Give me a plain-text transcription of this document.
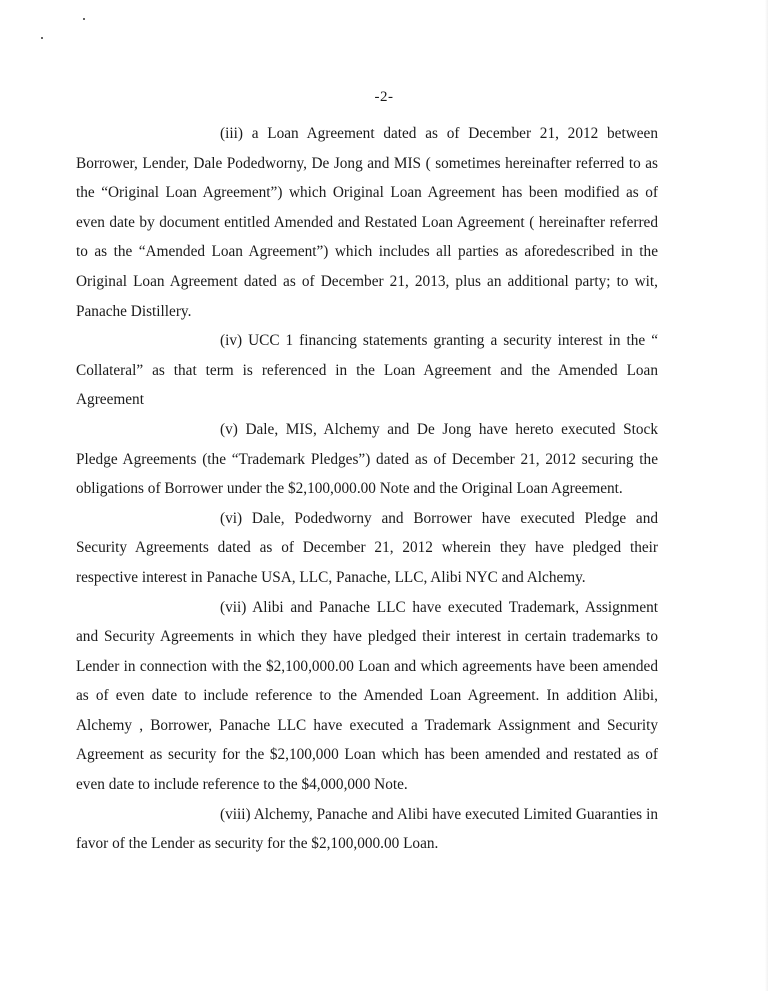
-2-

(iii) a Loan Agreement dated as of December 21, 2012 between Borrower, Lender, Dale Podedworny, De Jong and MIS ( sometimes hereinafter referred to as the “Original Loan Agreement”) which Original Loan Agreement has been modified as of even date by document entitled Amended and Restated Loan Agreement ( hereinafter referred to as the “Amended Loan Agreement”) which includes all parties as aforedescribed in the Original Loan Agreement dated as of December 21, 2013, plus an additional party; to wit, Panache Distillery.

(iv) UCC 1 financing statements granting a security interest in the “ Collateral” as that term is referenced in the Loan Agreement and the Amended Loan Agreement

(v) Dale, MIS, Alchemy and De Jong have hereto executed Stock Pledge Agreements (the “Trademark Pledges”) dated as of December 21, 2012 securing the obligations of Borrower under the $2,100,000.00 Note and the Original Loan Agreement.

(vi) Dale, Podedworny and Borrower have executed Pledge and Security Agreements dated as of December 21, 2012 wherein they have pledged their respective interest in Panache USA, LLC, Panache, LLC, Alibi NYC and Alchemy.

(vii) Alibi and Panache LLC have executed Trademark, Assignment and Security Agreements in which they have pledged their interest in certain trademarks to Lender in connection with the $2,100,000.00 Loan and which agreements have been amended as of even date to include reference to the Amended Loan Agreement. In addition Alibi, Alchemy , Borrower, Panache LLC have executed a Trademark Assignment and Security Agreement as security for the $2,100,000 Loan which has been amended and restated as of even date to include reference to the $4,000,000 Note.

(viii) Alchemy, Panache and Alibi have executed Limited Guaranties in favor of the Lender as security for the $2,100,000.00 Loan.
